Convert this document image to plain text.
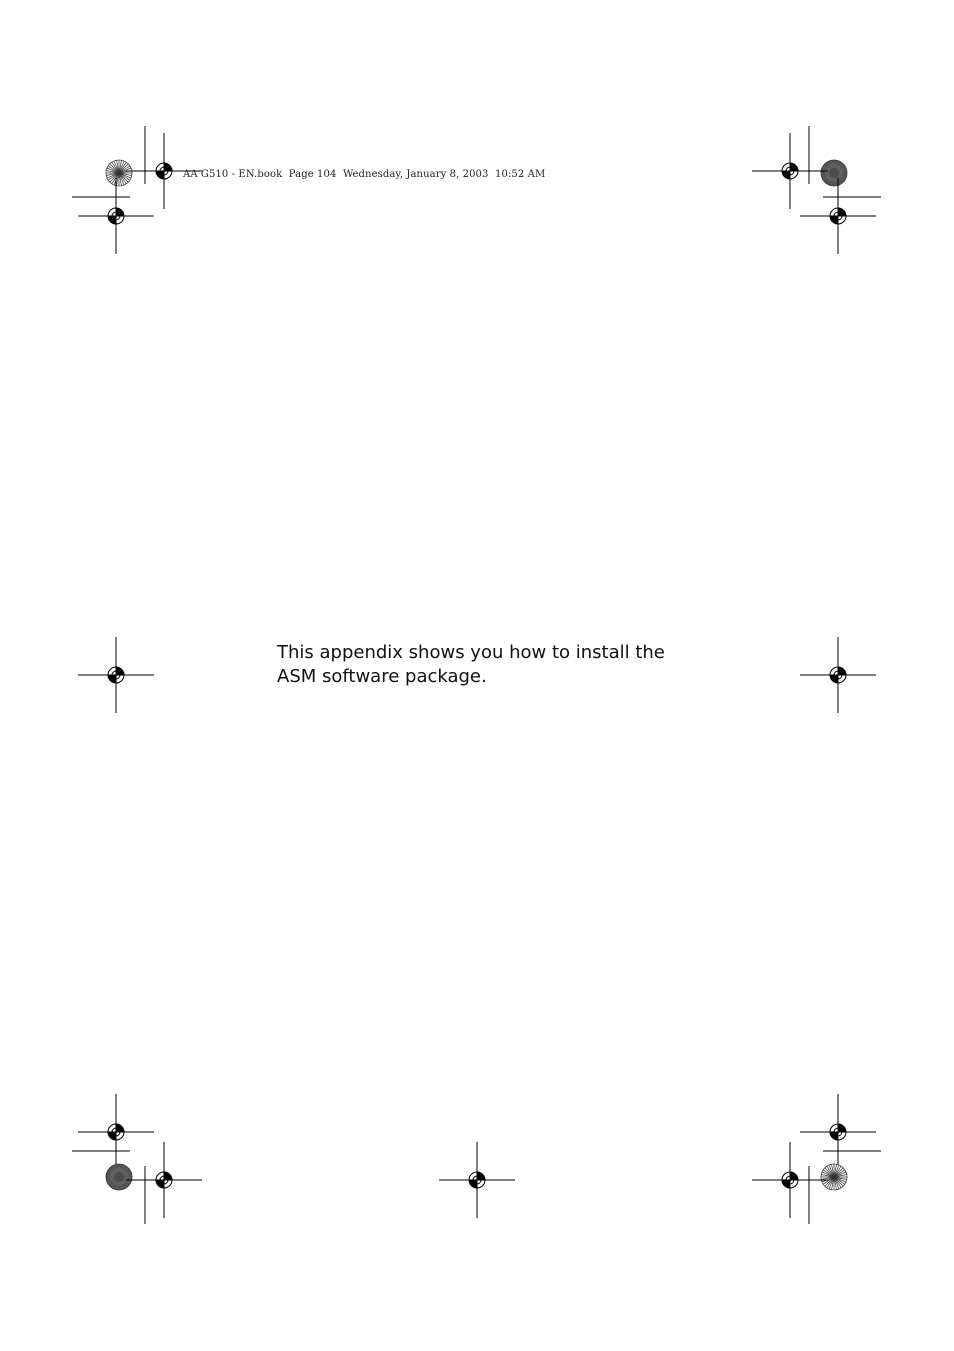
AA G510 - EN.book  Page 104  Wednesday, January 8, 2003  10:52 AM

This appendix shows you how to install the
ASM software package.
